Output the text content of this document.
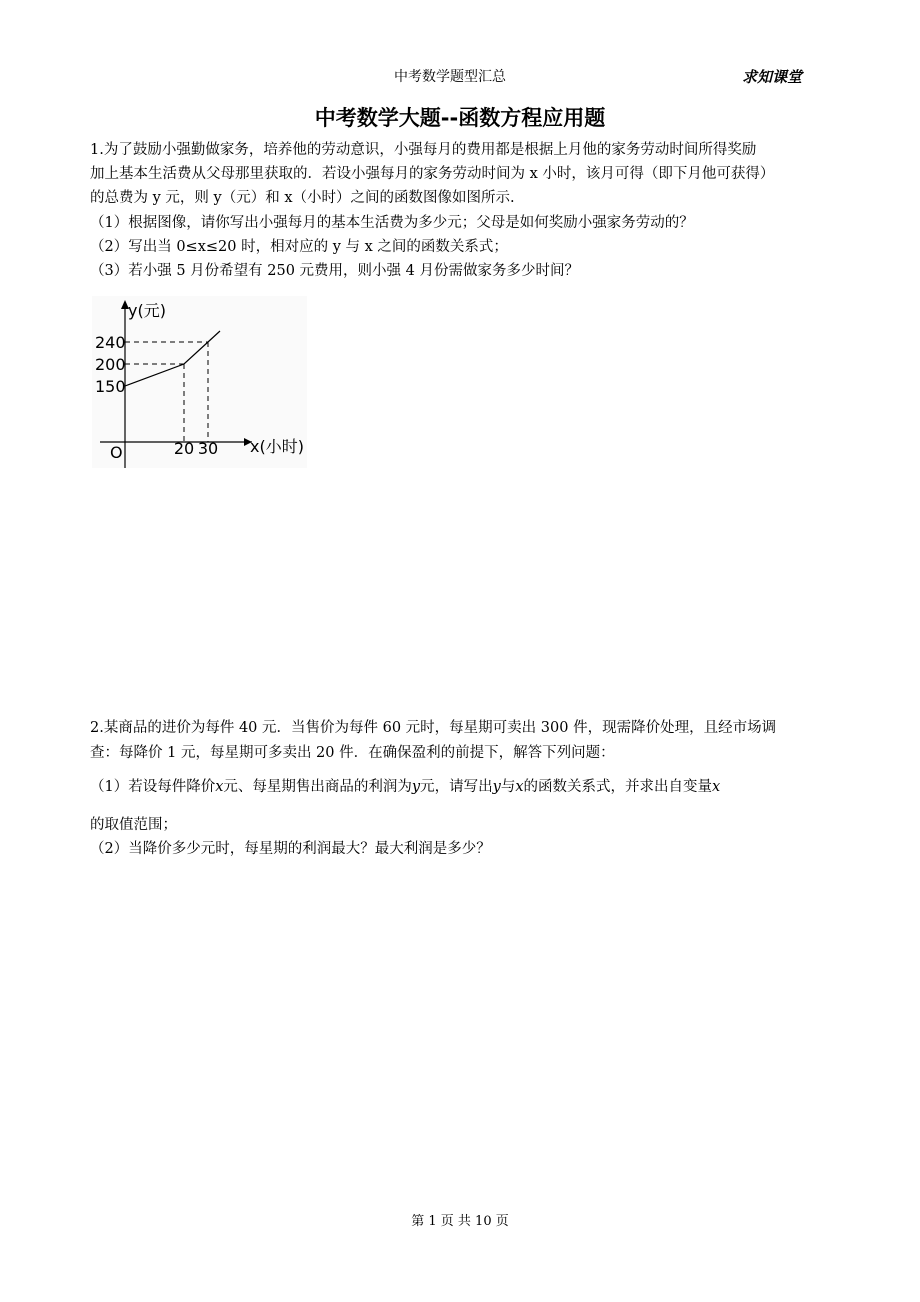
中考数学题型汇总	求知课堂
中考数学大题--函数方程应用题
1.为了鼓励小强勤做家务，培养他的劳动意识，小强每月的费用都是根据上月他的家务劳动时间所得奖励
加上基本生活费从父母那里获取的．若设小强每月的家务劳动时间为 x 小时，该月可得（即下月他可获得）
的总费为 y 元，则 y（元）和 x（小时）之间的函数图像如图所示.
（1）根据图像，请你写出小强每月的基本生活费为多少元；父母是如何奖励小强家务劳动的？
（2）写出当 0≤x≤20 时，相对应的 y 与 x 之间的函数关系式；
（3）若小强 5 月份希望有 250 元费用，则小强 4 月份需做家务多少时间？
y(元)
x(小时)
O
150
200
240
20 30
2.某商品的进价为每件 40 元．当售价为每件 60 元时，每星期可卖出 300 件，现需降价处理，且经市场调
查：每降价 1 元，每星期可多卖出 20 件．在确保盈利的前提下，解答下列问题：
（1）若设每件降价x元、每星期售出商品的利润为y元，请写出y与x的函数关系式，并求出自变量x
的取值范围；
（2）当降价多少元时，每星期的利润最大？最大利润是多少？
第 1 页 共 10 页
